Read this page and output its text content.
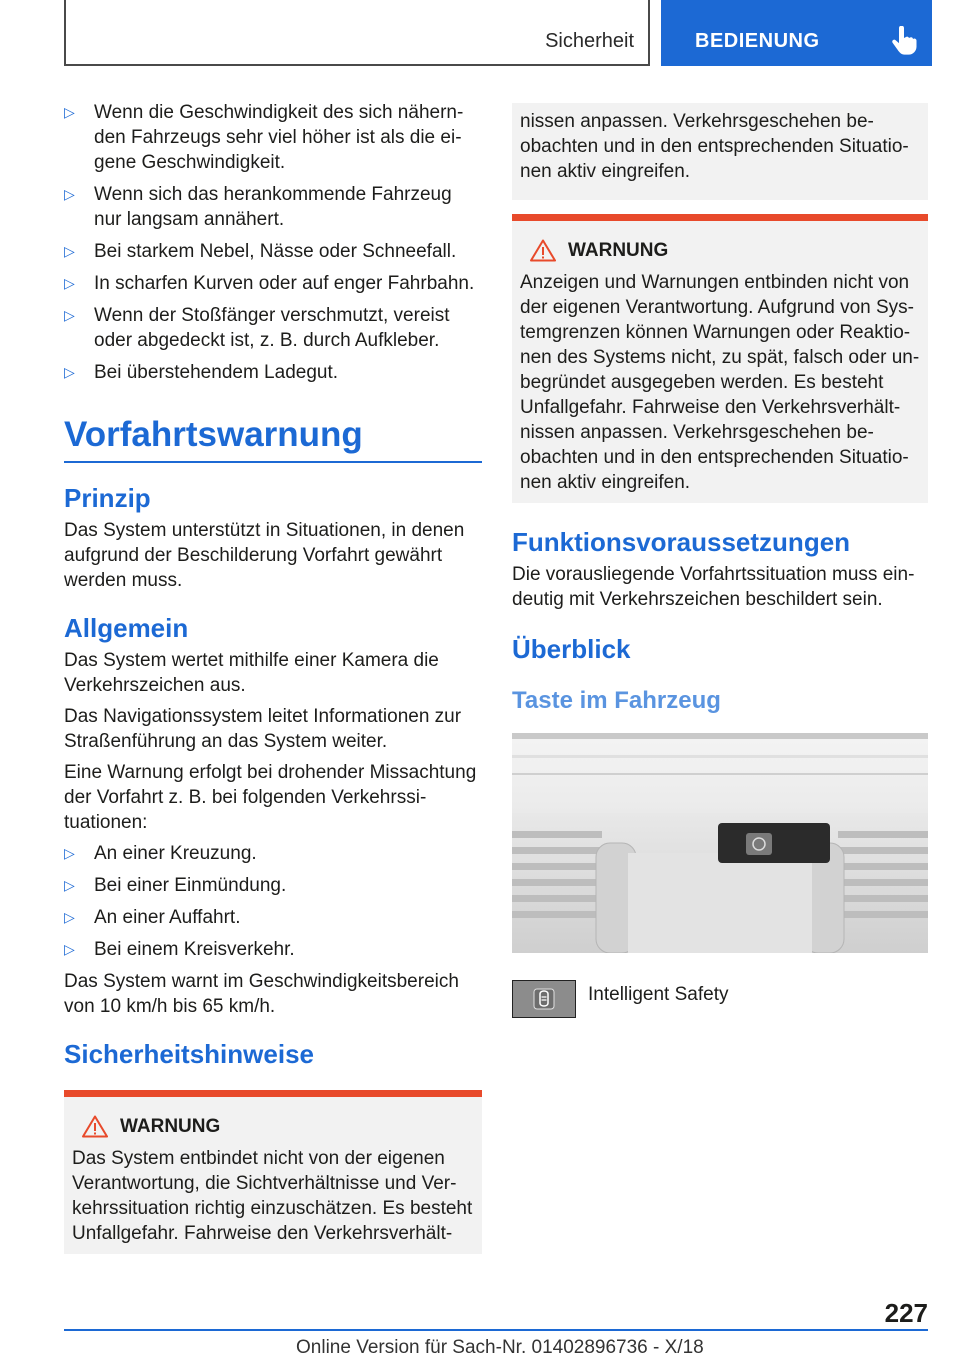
Sicherheit	BEDIENUNG
▷ Wenn die Geschwindigkeit des sich nähernden Fahrzeugs sehr viel höher ist als die eigene Geschwindigkeit.
▷ Wenn sich das herankommende Fahrzeug nur langsam annähert.
▷ Bei starkem Nebel, Nässe oder Schneefall.
▷ In scharfen Kurven oder auf enger Fahrbahn.
▷ Wenn der Stoßfänger verschmutzt, vereist oder abgedeckt ist, z. B. durch Aufkleber.
▷ Bei überstehendem Ladegut.
Vorfahrtswarnung
Prinzip

Das System unterstützt in Situationen, in denen aufgrund der Beschilderung Vorfahrt gewährt werden muss.

Allgemein

Das System wertet mithilfe einer Kamera die Verkehrszeichen aus.

Das Navigationssystem leitet Informationen zur Straßenführung an das System weiter.

Eine Warnung erfolgt bei drohender Missachtung der Vorfahrt z. B. bei folgenden Verkehrssituationen:

▷ An einer Kreuzung.
▷ Bei einer Einmündung.
▷ An einer Auffahrt.
▷ Bei einem Kreisverkehr.

Das System warnt im Geschwindigkeitsbereich von 10 km/h bis 65 km/h.

Sicherheitshinweise
WARNUNG
Das System entbindet nicht von der eigenen Verantwortung, die Sichtverhältnisse und Verkehrssituation richtig einzuschätzen. Es besteht Unfallgefahr. Fahrweise den Verkehrsverhält-
nissen anpassen. Verkehrsgeschehen beobachten und in den entsprechenden Situationen aktiv eingreifen.
WARNUNG
Anzeigen und Warnungen entbinden nicht von der eigenen Verantwortung. Aufgrund von Systemgrenzen können Warnungen oder Reaktionen des Systems nicht, zu spät, falsch oder unbegründet ausgegeben werden. Es besteht Unfallgefahr. Fahrweise den Verkehrsverhältnissen anpassen. Verkehrsgeschehen beobachten und in den entsprechenden Situationen aktiv eingreifen.
Funktionsvoraussetzungen

Die vorausliegende Vorfahrtssituation muss eindeutig mit Verkehrszeichen beschildert sein.

Überblick
Taste im Fahrzeug
Intelligent Safety
227
Online Version für Sach-Nr. 01402896736 - X/18
